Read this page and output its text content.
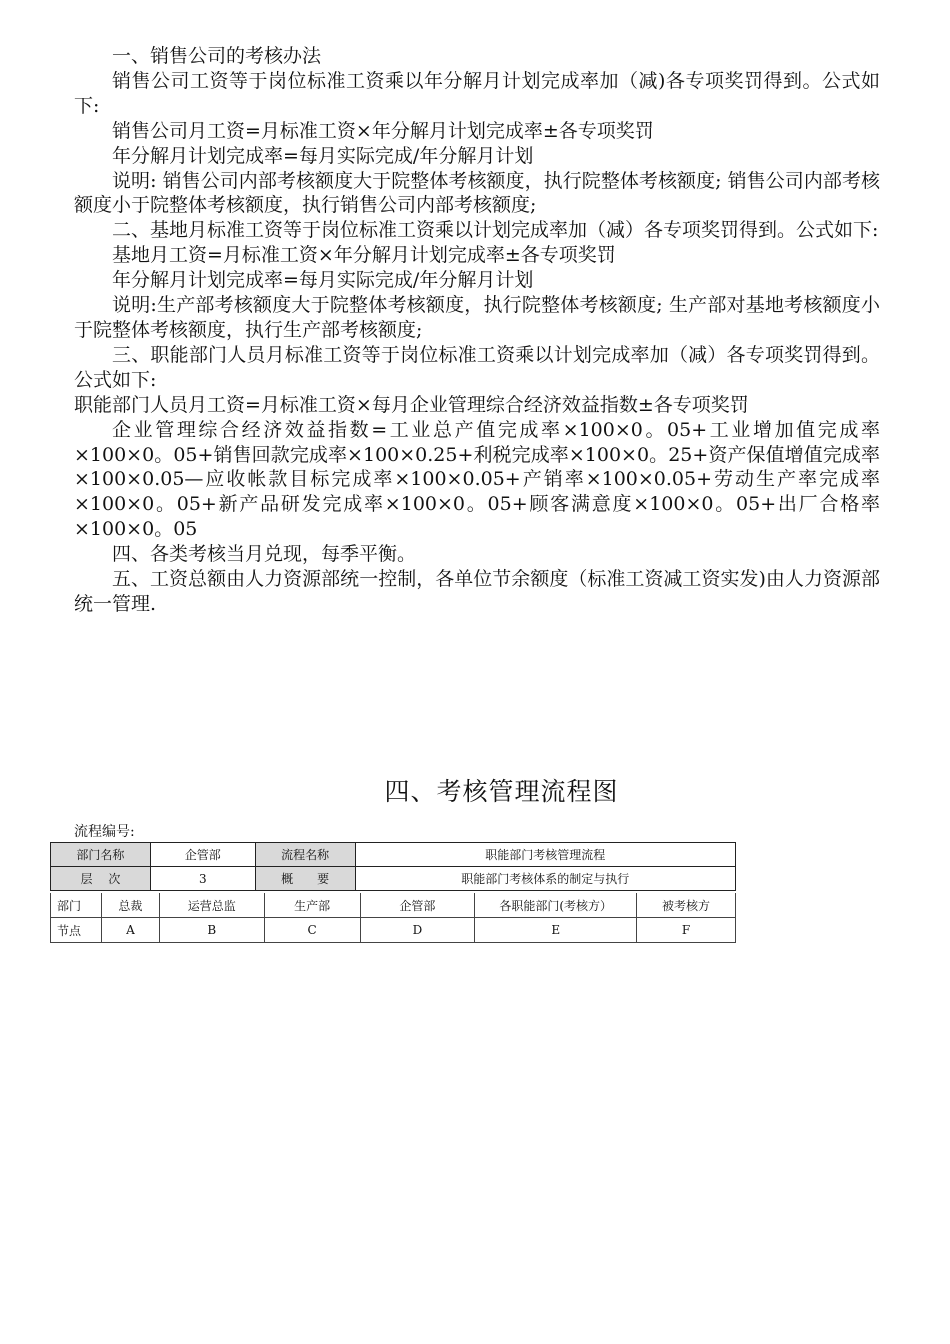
一、销售公司的考核办法

销售公司工资等于岗位标准工资乘以年分解月计划完成率加（减)各专项奖罚得到。公式如下:

销售公司月工资=月标准工资×年分解月计划完成率±各专项奖罚

年分解月计划完成率=每月实际完成/年分解月计划

说明: 销售公司内部考核额度大于院整体考核额度，执行院整体考核额度; 销售公司内部考核额度小于院整体考核额度，执行销售公司内部考核额度;

二、基地月标准工资等于岗位标准工资乘以计划完成率加（减）各专项奖罚得到。公式如下:

基地月工资=月标准工资×年分解月计划完成率±各专项奖罚

年分解月计划完成率=每月实际完成/年分解月计划

说明:生产部考核额度大于院整体考核额度，执行院整体考核额度; 生产部对基地考核额度小于院整体考核额度，执行生产部考核额度;

三、职能部门人员月标准工资等于岗位标准工资乘以计划完成率加（减）各专项奖罚得到。公式如下:

职能部门人员月工资=月标准工资×每月企业管理综合经济效益指数±各专项奖罚

企业管理综合经济效益指数=工业总产值完成率×100×0。05+工业增加值完成率×100×0。05+销售回款完成率×100×0.25+利税完成率×100×0。25+资产保值增值完成率×100×0.05—应收帐款目标完成率×100×0.05+产销率×100×0.05+劳动生产率完成率×100×0。05+新产品研发完成率×100×0。05+顾客满意度×100×0。05+出厂合格率×100×0。05

四、各类考核当月兑现，每季平衡。

五、工资总额由人力资源部统一控制，各单位节余额度（标准工资减工资实发)由人力资源部统一管理.

四、考核管理流程图
流程编号:
部门名称	企管部	流程名称	职能部门考核管理流程
层　 次	3	概　　要	职能部门考核体系的制定与执行
部门	总裁	运营总监	生产部	企管部	各职能部门(考核方）	被考核方
节点	A	B	C	D	E	F
